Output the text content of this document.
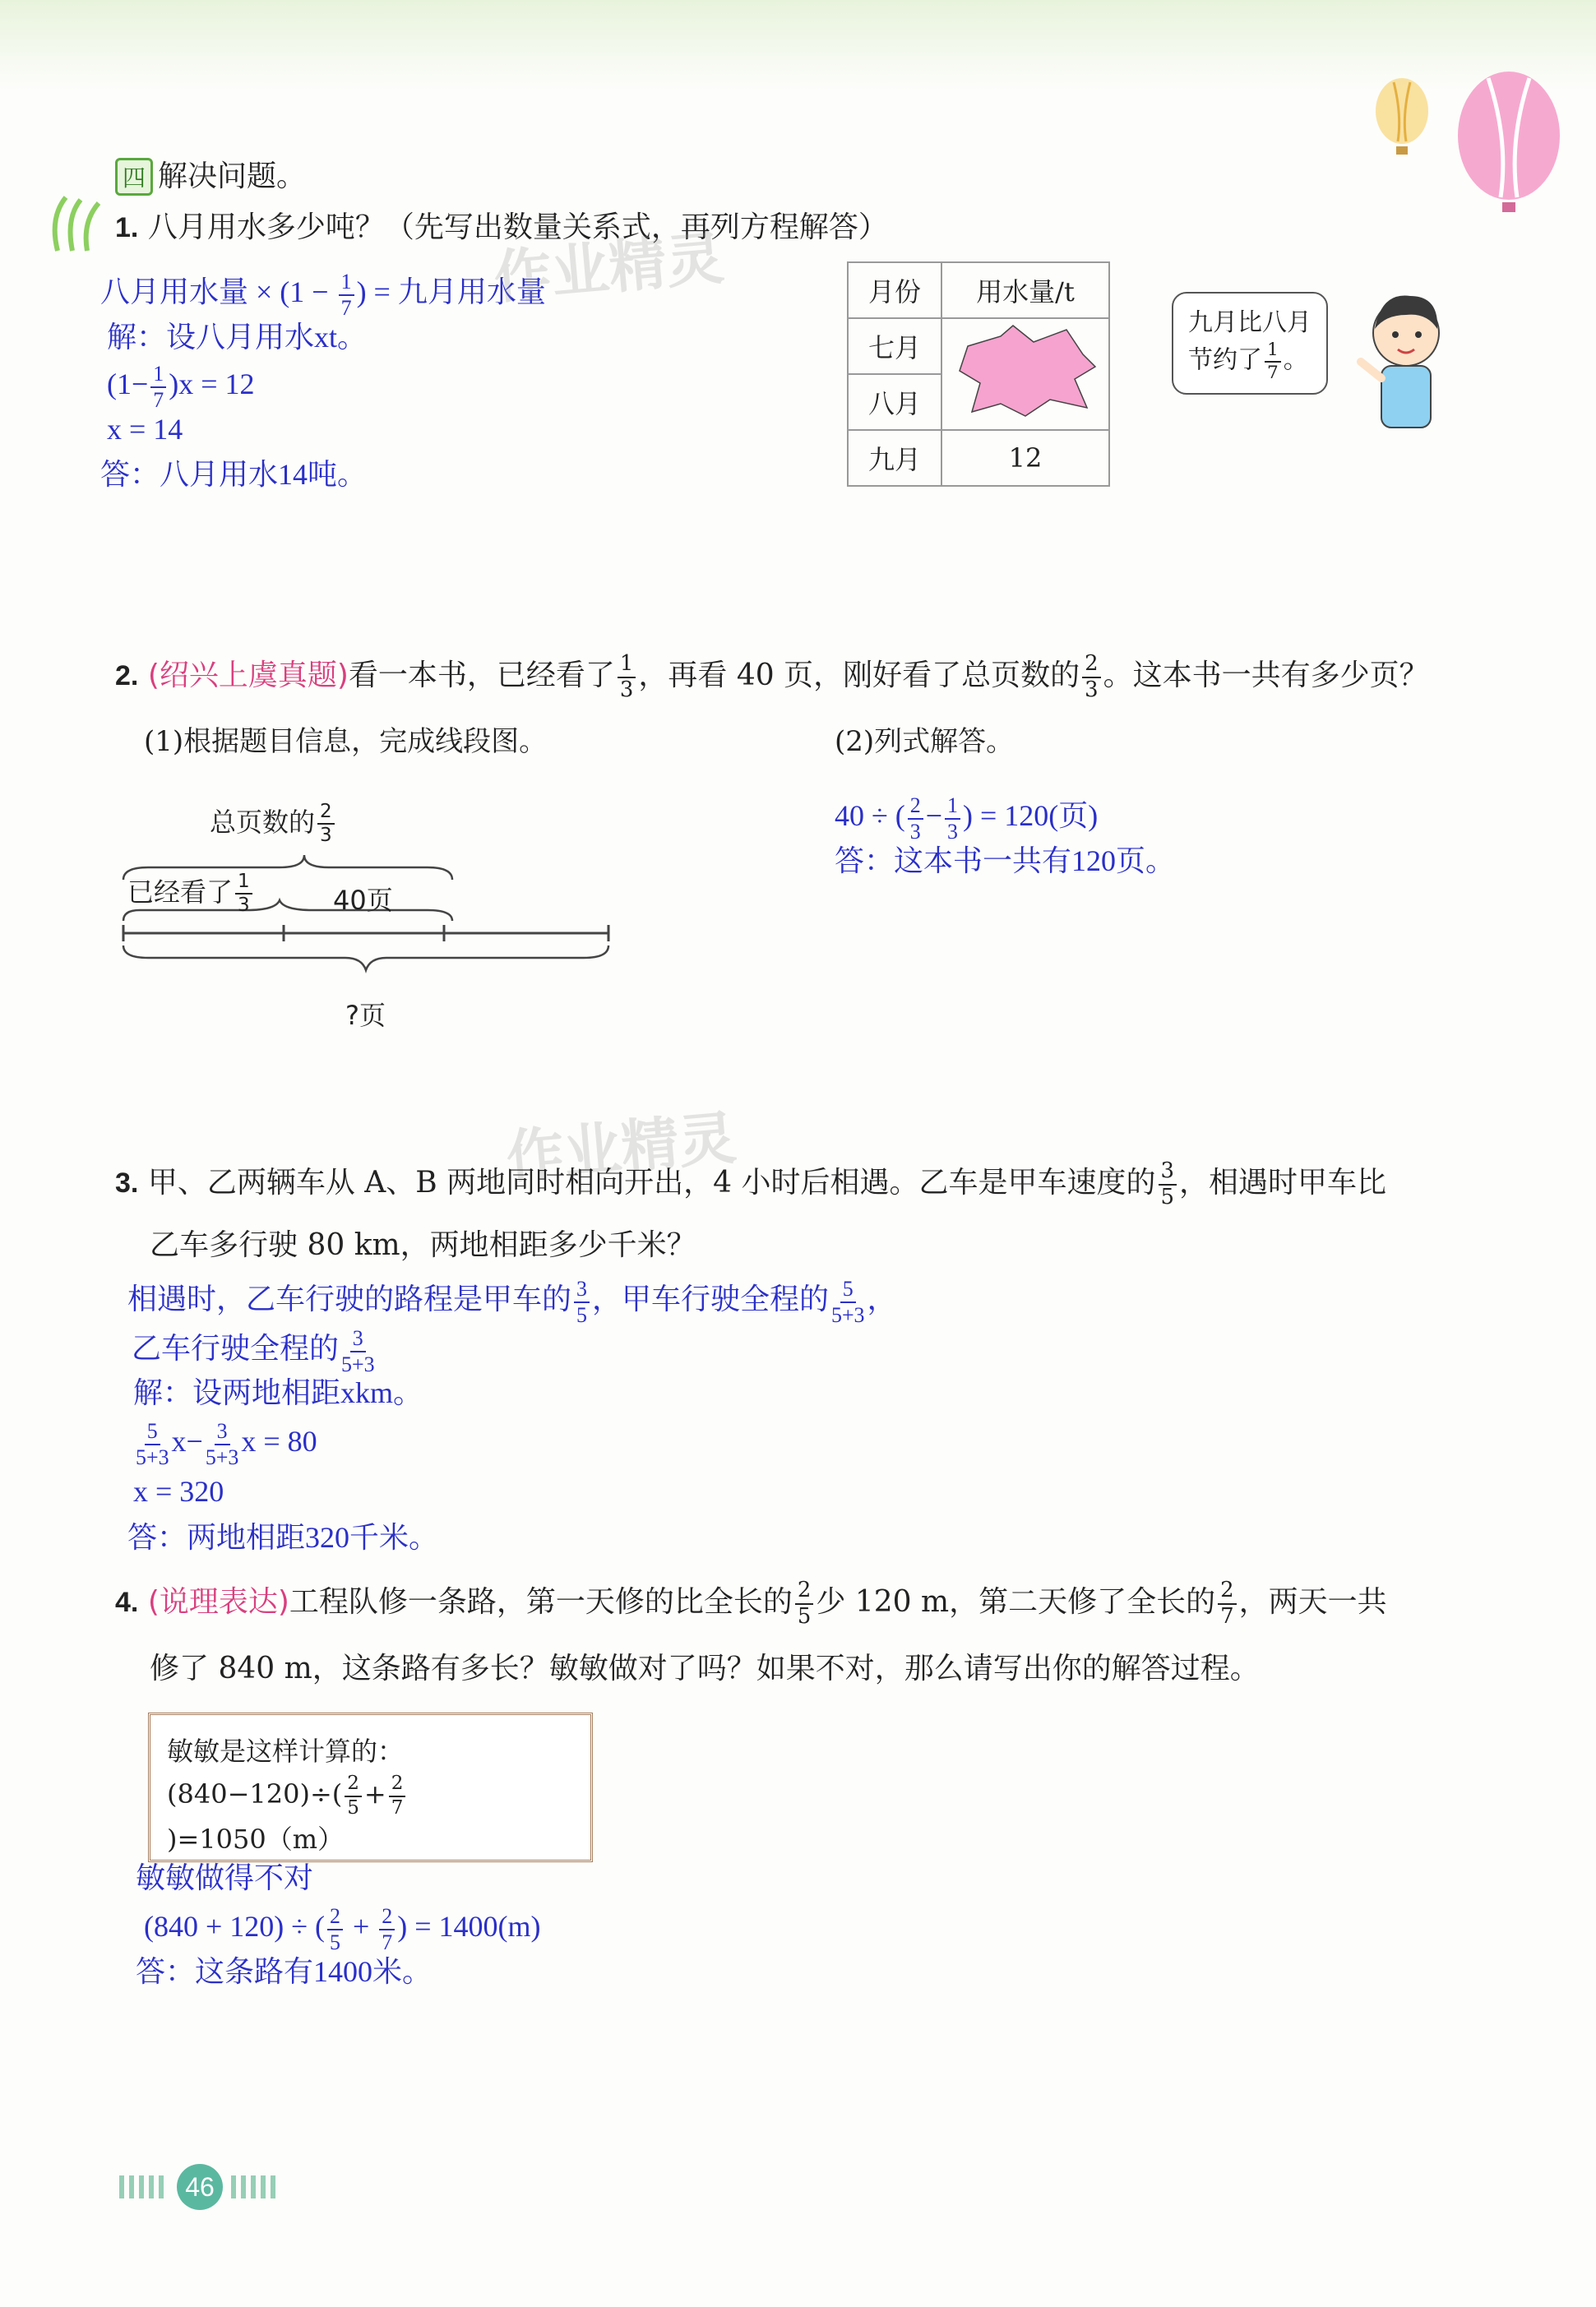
四 解决问题。
1. 八月用水多少吨？（先写出数量关系式，再列方程解答）
八月用水量 × ($1 - \frac{1}{7}$ ) = 九月用水量
解：设八月用水xt。
$(1- \frac{1}{7} )x = 12$
x = 14
答：八月用水14吨。
月份	用水量/t
七月	
八月	
九月	12
九月比八月
节约了 $\frac{1}{7}$ 。
作业精灵
作业精灵
2. (绍兴上虞真题)看一本书，已经看了 $\frac{1}{3}$ ，再看 40 页，刚好看了总页数的 $\frac{2}{3}$ 。这本书一共有多少页？
(1)根据题目信息，完成线段图。	(2)列式解答。
总页数的 $\frac{2}{3}$
已经看了 $\frac{1}{3}$	40页
?页
40 ÷ ( $\frac{2}{3} - \frac{1}{3}$ ) = 120(页)
答：这本书一共有120页。
3. 甲、乙两辆车从 A、B 两地同时相向开出，4 小时后相遇。乙车是甲车速度的 $\frac{3}{5}$ ，相遇时甲车比
乙车多行驶 80 km，两地相距多少千米？
相遇时，乙车行驶的路程是甲车的 $\frac{3}{5}$ ，甲车行驶全程的 $\frac{5}{5+3}$ ，
乙车行驶全程的 $\frac{3}{5+3}$
解：设两地相距xkm。
$\frac{5}{5+3} x- \frac{3}{5+3}$ x = 80
x = 320
答：两地相距320千米。
4. (说理表达)工程队修一条路，第一天修的比全长的 $\frac{2}{5}$ 少 120 m，第二天修了全长的 $\frac{2}{7}$ ，两天一共
修了 840 m，这条路有多长？敏敏做对了吗？如果不对，那么请写出你的解答过程。
敏敏是这样计算的：
$(840-120)\div( \frac{2}{5} + \frac{2}{7}$
)=1050（m）
敏敏做得不对
(840 + 120) ÷ ( $\frac{2}{5} + \frac{2}{7}$ ) = 1400(m)
答：这条路有1400米。
46
